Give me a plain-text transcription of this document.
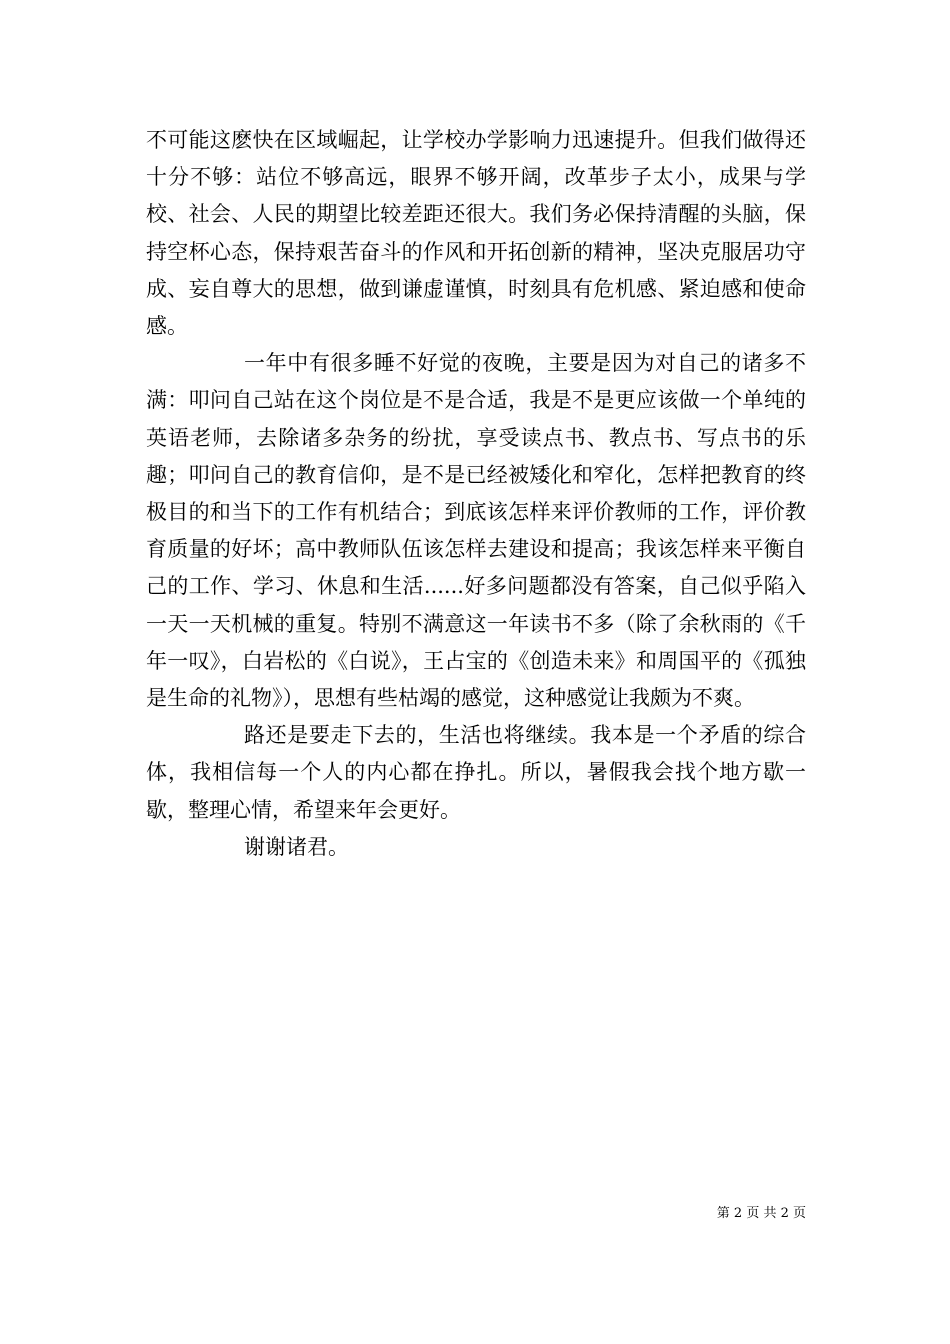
不可能这麽快在区域崛起，让学校办学影响力迅速提升。但我们做得还十分不够：站位不够高远，眼界不够开阔，改革步子太小，成果与学校、社会、人民的期望比较差距还很大。我们务必保持清醒的头脑，保持空杯心态，保持艰苦奋斗的作风和开拓创新的精神，坚决克服居功守成、妄自尊大的思想，做到谦虚谨慎，时刻具有危机感、紧迫感和使命感。

一年中有很多睡不好觉的夜晚，主要是因为对自己的诸多不满：叩问自己站在这个岗位是不是合适，我是不是更应该做一个单纯的英语老师，去除诸多杂务的纷扰，享受读点书、教点书、写点书的乐趣；叩问自己的教育信仰，是不是已经被矮化和窄化，怎样把教育的终极目的和当下的工作有机结合；到底该怎样来评价教师的工作，评价教育质量的好坏；高中教师队伍该怎样去建设和提高；我该怎样来平衡自己的工作、学习、休息和生活......好多问题都没有答案，自己似乎陷入一天一天机械的重复。特别不满意这一年读书不多（除了余秋雨的《千年一叹》，白岩松的《白说》，王占宝的《创造未来》和周国平的《孤独是生命的礼物》），思想有些枯竭的感觉，这种感觉让我颇为不爽。

路还是要走下去的，生活也将继续。我本是一个矛盾的综合体，我相信每一个人的内心都在挣扎。所以，暑假我会找个地方歇一歇，整理心情，希望来年会更好。

谢谢诸君。

第 2 页 共 2 页
